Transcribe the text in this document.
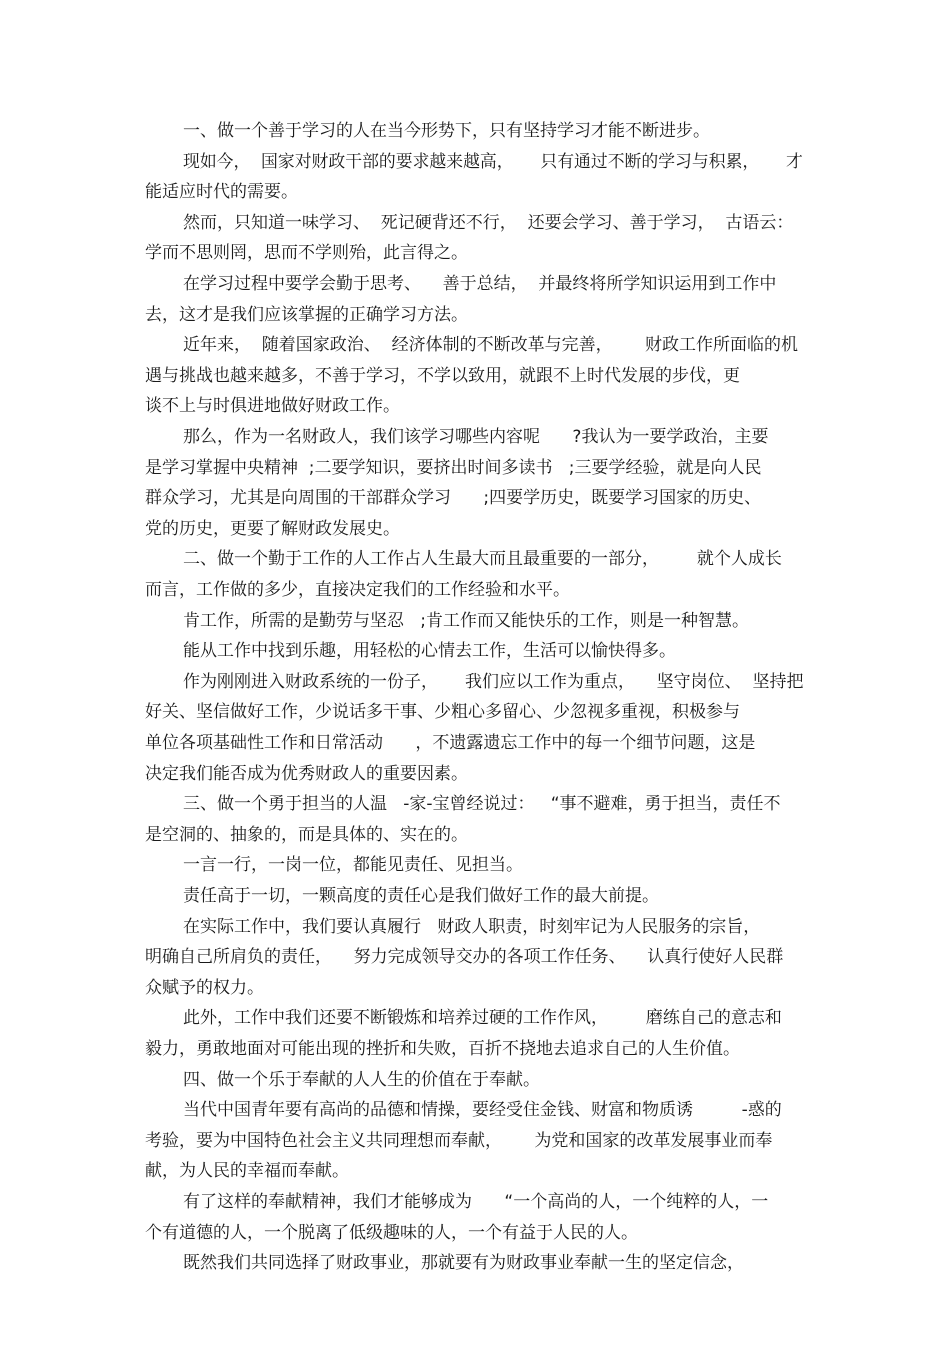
一、做一个善于学习的人在当今形势下，只有坚持学习才能不断进步。
现如今，  国家对财政干部的要求越来越高，     只有通过不断的学习与积累，     才
能适应时代的需要。
然而，只知道一味学习、  死记硬背还不行，  还要会学习、善于学习，  古语云：
学而不思则罔，思而不学则殆，此言得之。
在学习过程中要学会勤于思考、    善于总结，  并最终将所学知识运用到工作中
去，这才是我们应该掌握的正确学习方法。
近年来，  随着国家政治、  经济体制的不断改革与完善，      财政工作所面临的机
遇与挑战也越来越多，不善于学习，不学以致用，就跟不上时代发展的步伐，更
谈不上与时俱进地做好财政工作。
那么，作为一名财政人，我们该学习哪些内容呢      ?我认为一要学政治，主要
是学习掌握中央精神  ;二要学知识，要挤出时间多读书   ;三要学经验，就是向人民
群众学习，尤其是向周围的干部群众学习      ;四要学历史，既要学习国家的历史、
党的历史，更要了解财政发展史。
二、做一个勤于工作的人工作占人生最大而且最重要的一部分，       就个人成长
而言，工作做的多少，直接决定我们的工作经验和水平。
肯工作，所需的是勤劳与坚忍   ;肯工作而又能快乐的工作，则是一种智慧。
能从工作中找到乐趣，用轻松的心情去工作，生活可以愉快得多。
作为刚刚进入财政系统的一份子，     我们应以工作为重点，    坚守岗位、  坚持把
好关、坚信做好工作，少说话多干事、少粗心多留心、少忽视多重视，积极参与
单位各项基础性工作和日常活动      ，不遗露遗忘工作中的每一个细节问题，这是
决定我们能否成为优秀财政人的重要因素。
三、做一个勇于担当的人温   -家-宝曾经说过：   “事不避难，勇于担当，责任不
是空洞的、抽象的，而是具体的、实在的。
一言一行，一岗一位，都能见责任、见担当。
责任高于一切，一颗高度的责任心是我们做好工作的最大前提。
在实际工作中，我们要认真履行   财政人职责，时刻牢记为人民服务的宗旨，
明确自己所肩负的责任，    努力完成领导交办的各项工作任务、    认真行使好人民群
众赋予的权力。
此外，工作中我们还要不断锻炼和培养过硬的工作作风，       磨练自己的意志和
毅力，勇敢地面对可能出现的挫折和失败，百折不挠地去追求自己的人生价值。
四、做一个乐于奉献的人人生的价值在于奉献。
当代中国青年要有高尚的品德和情操，要经受住金钱、财富和物质诱         -惑的
考验，要为中国特色社会主义共同理想而奉献，      为党和国家的改革发展事业而奉
献，为人民的幸福而奉献。
有了这样的奉献精神，我们才能够成为      “一个高尚的人，一个纯粹的人，一
个有道德的人，一个脱离了低级趣味的人，一个有益于人民的人。
既然我们共同选择了财政事业，那就要有为财政事业奉献一生的坚定信念，
